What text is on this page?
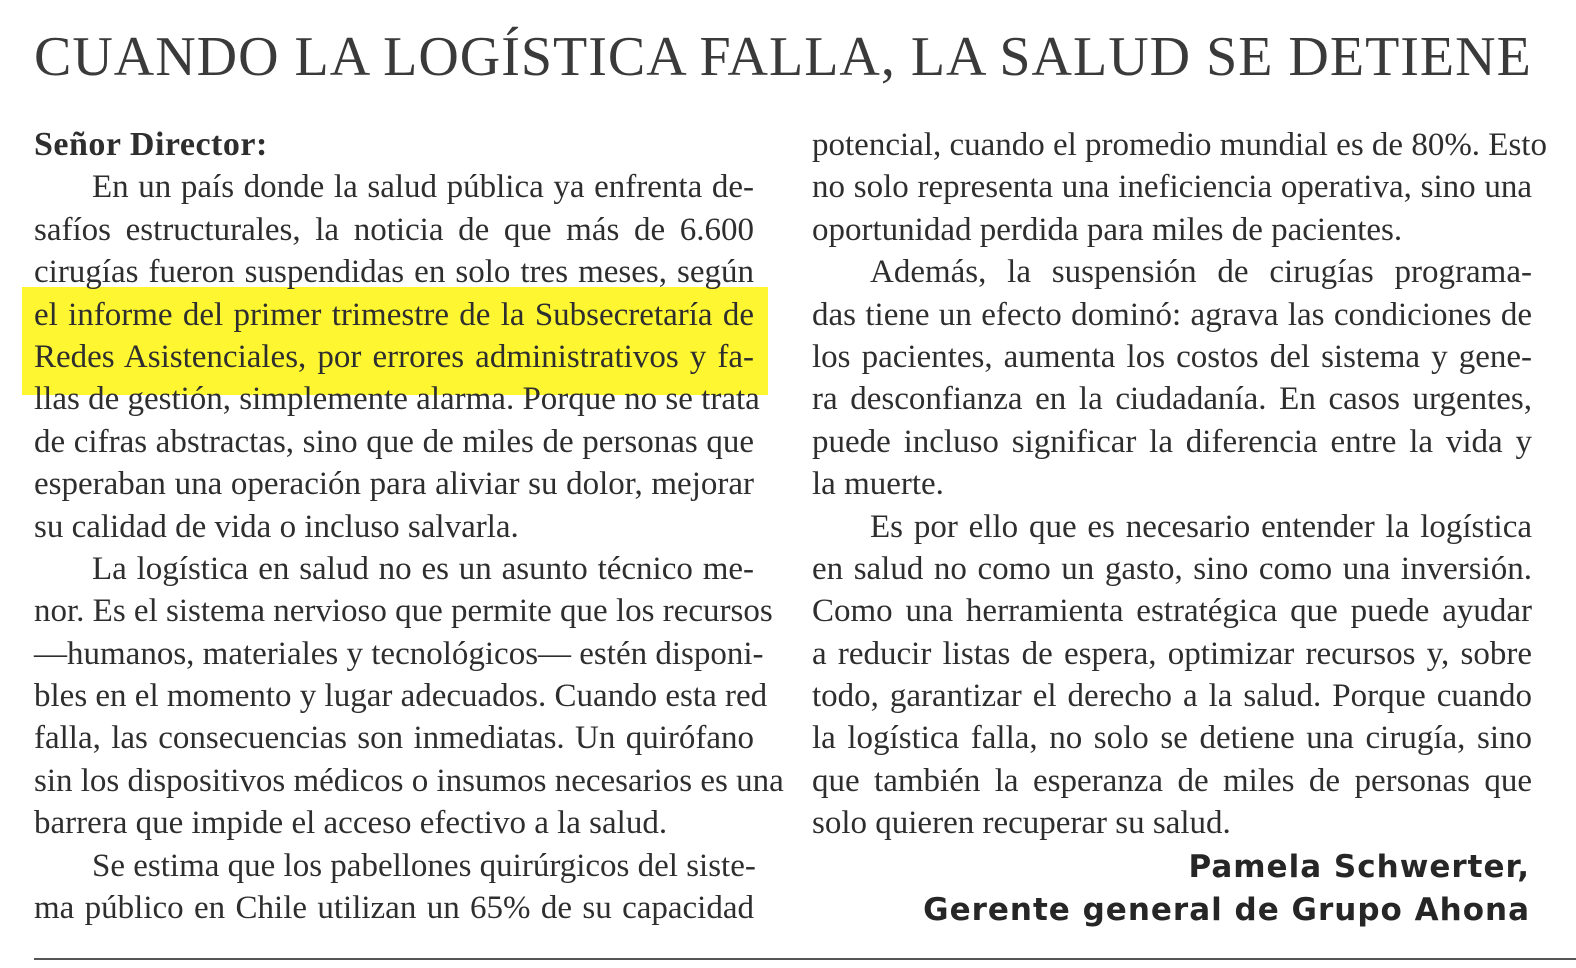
CUANDO LA LOGÍSTICA FALLA, LA SALUD SE DETIENE
Señor Director:
En un país donde la salud pública ya enfrenta de-
safíos estructurales, la noticia de que más de 6.600
cirugías fueron suspendidas en solo tres meses, según
el informe del primer trimestre de la Subsecretaría de
Redes Asistenciales, por errores administrativos y fa-
llas de gestión, simplemente alarma. Porque no se trata
de cifras abstractas, sino que de miles de personas que
esperaban una operación para aliviar su dolor, mejorar
su calidad de vida o incluso salvarla.
La logística en salud no es un asunto técnico me-
nor. Es el sistema nervioso que permite que los recursos
—humanos, materiales y tecnológicos— estén disponi-
bles en el momento y lugar adecuados. Cuando esta red
falla, las consecuencias son inmediatas. Un quirófano
sin los dispositivos médicos o insumos necesarios es una
barrera que impide el acceso efectivo a la salud.
Se estima que los pabellones quirúrgicos del siste-
ma público en Chile utilizan un 65% de su capacidad
potencial, cuando el promedio mundial es de 80%. Esto
no solo representa una ineficiencia operativa, sino una
oportunidad perdida para miles de pacientes.
Además, la suspensión de cirugías programa-
das tiene un efecto dominó: agrava las condiciones de
los pacientes, aumenta los costos del sistema y gene-
ra desconfianza en la ciudadanía. En casos urgentes,
puede incluso significar la diferencia entre la vida y
la muerte.
Es por ello que es necesario entender la logística
en salud no como un gasto, sino como una inversión.
Como una herramienta estratégica que puede ayudar
a reducir listas de espera, optimizar recursos y, sobre
todo, garantizar el derecho a la salud. Porque cuando
la logística falla, no solo se detiene una cirugía, sino
que también la esperanza de miles de personas que
solo quieren recuperar su salud.
Pamela Schwerter,
Gerente general de Grupo Ahona
